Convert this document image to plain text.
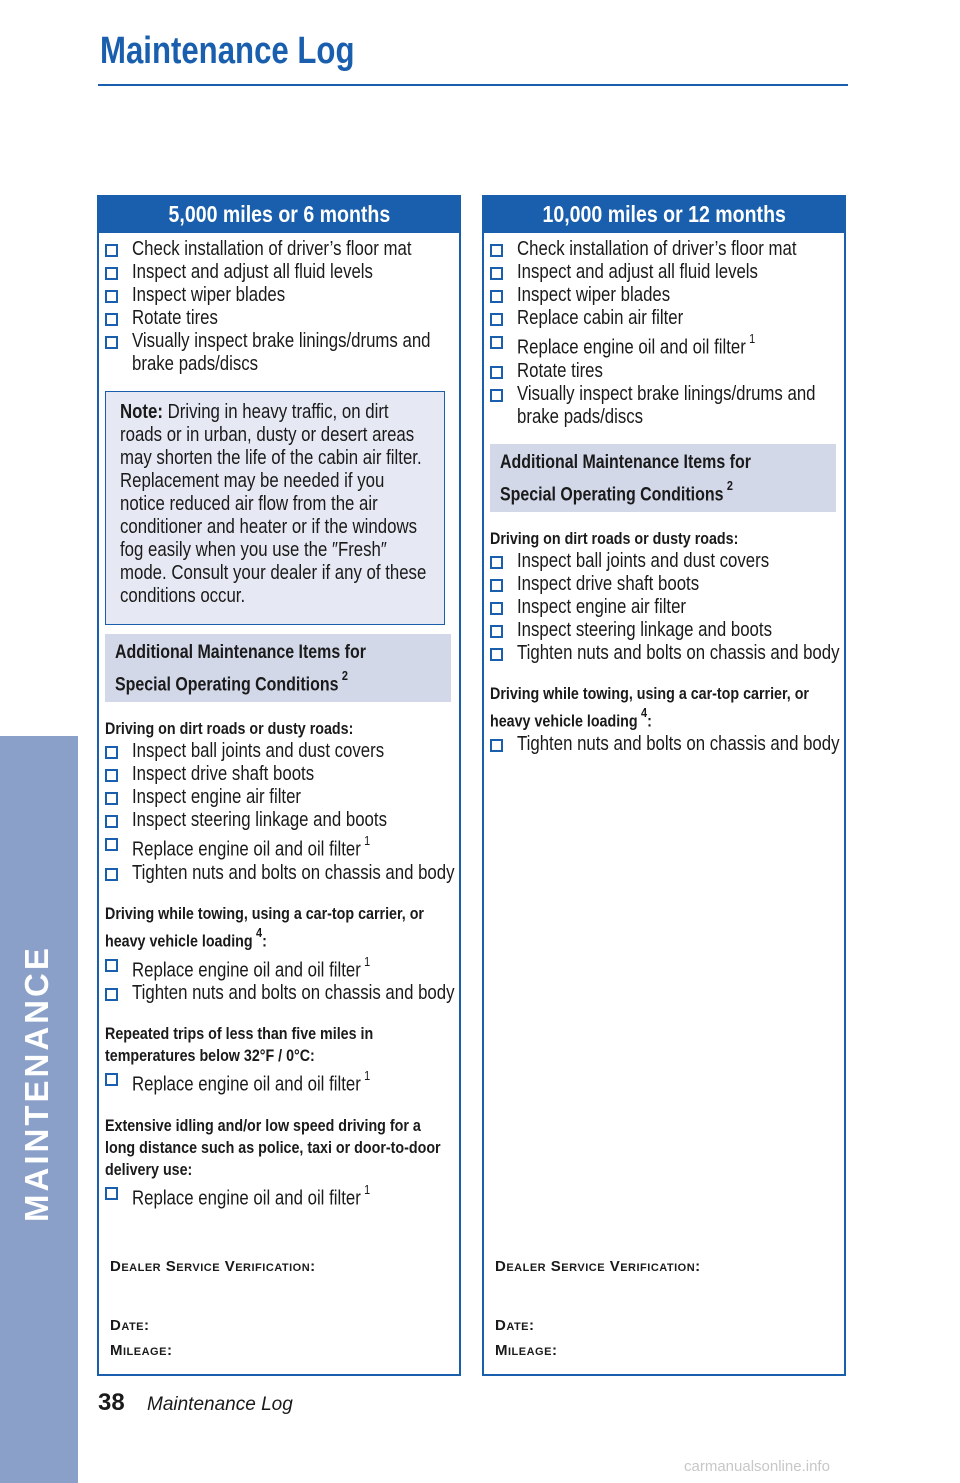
Maintenance Log
MAINTENANCE
5,000 miles or 6 months
Check installation of driver’s floor mat
Inspect and adjust all fluid levels
Inspect wiper blades
Rotate tires
Visually inspect brake linings/drums and brake pads/discs
Note: Driving in heavy traffic, on dirt roads or in urban, dusty or desert areas may shorten the life of the cabin air filter. Replacement may be needed if you notice reduced air flow from the air conditioner and heater or if the windows fog easily when you use the ″Fresh″ mode. Consult your dealer if any of these conditions occur.
Additional Maintenance Items for
Special Operating Conditions $^2$
Driving on dirt roads or dusty roads:
Inspect ball joints and dust covers
Inspect drive shaft boots
Inspect engine air filter
Inspect steering linkage and boots
Replace engine oil and oil filter $^1$
Tighten nuts and bolts on chassis and body
Driving while towing, using a car-top carrier, or heavy vehicle loading $^4$:
Replace engine oil and oil filter $^1$
Tighten nuts and bolts on chassis and body
Repeated trips of less than five miles in temperatures below 32°F / 0°C:
Replace engine oil and oil filter $^1$
Extensive idling and/or low speed driving for a long distance such as police, taxi or door-to-door delivery use:
Replace engine oil and oil filter $^1$
Dealer Service Verification:
Date:
Mileage:
10,000 miles or 12 months
Check installation of driver’s floor mat
Inspect and adjust all fluid levels
Inspect wiper blades
Replace cabin air filter
Replace engine oil and oil filter $^1$
Rotate tires
Visually inspect brake linings/drums and brake pads/discs
Additional Maintenance Items for
Special Operating Conditions $^2$
Driving on dirt roads or dusty roads:
Inspect ball joints and dust covers
Inspect drive shaft boots
Inspect engine air filter
Inspect steering linkage and boots
Tighten nuts and bolts on chassis and body
Driving while towing, using a car-top carrier, or heavy vehicle loading $^4$:
Tighten nuts and bolts on chassis and body
Dealer Service Verification:
Date:
Mileage:
38 Maintenance Log
carmanualsonline.info
